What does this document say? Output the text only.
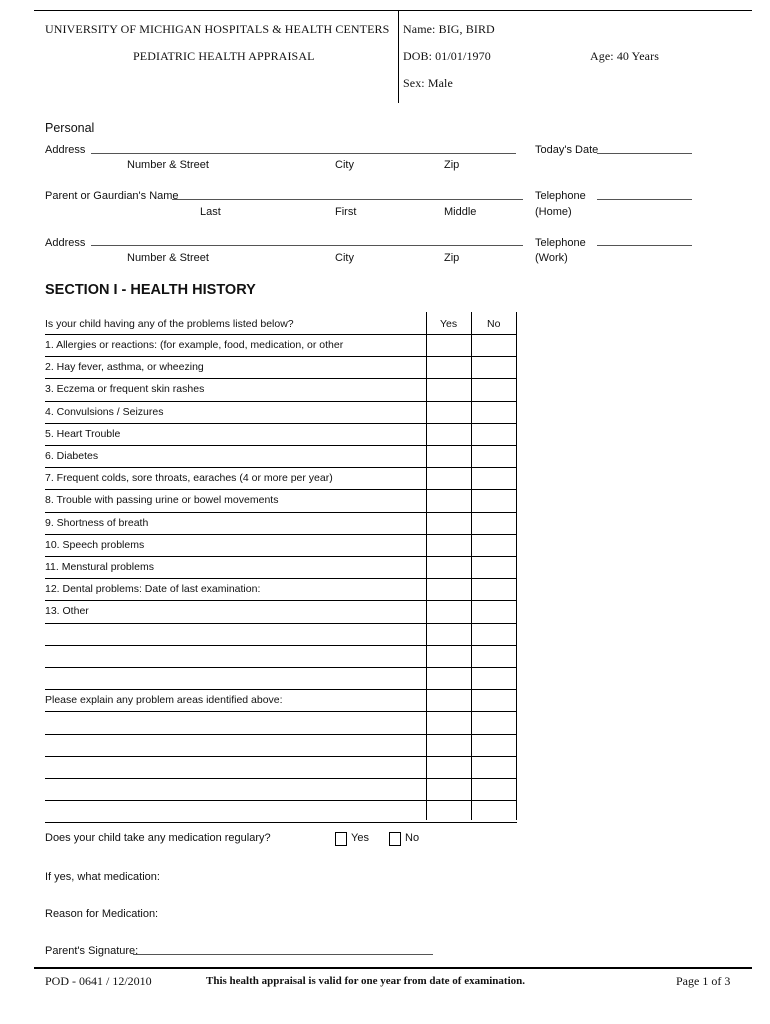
UNIVERSITY OF MICHIGAN HOSPITALS & HEALTH CENTERS
PEDIATRIC HEALTH APPRAISAL
Name: BIG, BIRD
DOB: 01/01/1970	Age: 40 Years
Sex: Male
Personal
Address	Today's Date
Number & Street	City	Zip
Parent or Gaurdian's Name	Telephone
Last	First	Middle	(Home)
Address	Telephone
Number & Street	City	Zip	(Work)
SECTION I - HEALTH HISTORY
Is your child having any of the problems listed below?	Yes	No
1. Allergies or reactions: (for example, food, medication, or other
2. Hay fever, asthma, or wheezing
3. Eczema or frequent skin rashes
4. Convulsions / Seizures
5. Heart Trouble
6. Diabetes
7. Frequent colds, sore throats, earaches (4 or more per year)
8. Trouble with passing urine or bowel movements
9. Shortness of breath
10. Speech problems
11. Menstural problems
12. Dental problems: Date of last examination:
13. Other
Please explain any problem areas identified above:
Does your child take any medication regulary?	Yes	No
If yes, what medication:
Reason for Medication:
Parent's Signature:
POD - 0641 / 12/2010	This health appraisal is valid for one year from date of examination.	Page 1 of 3
